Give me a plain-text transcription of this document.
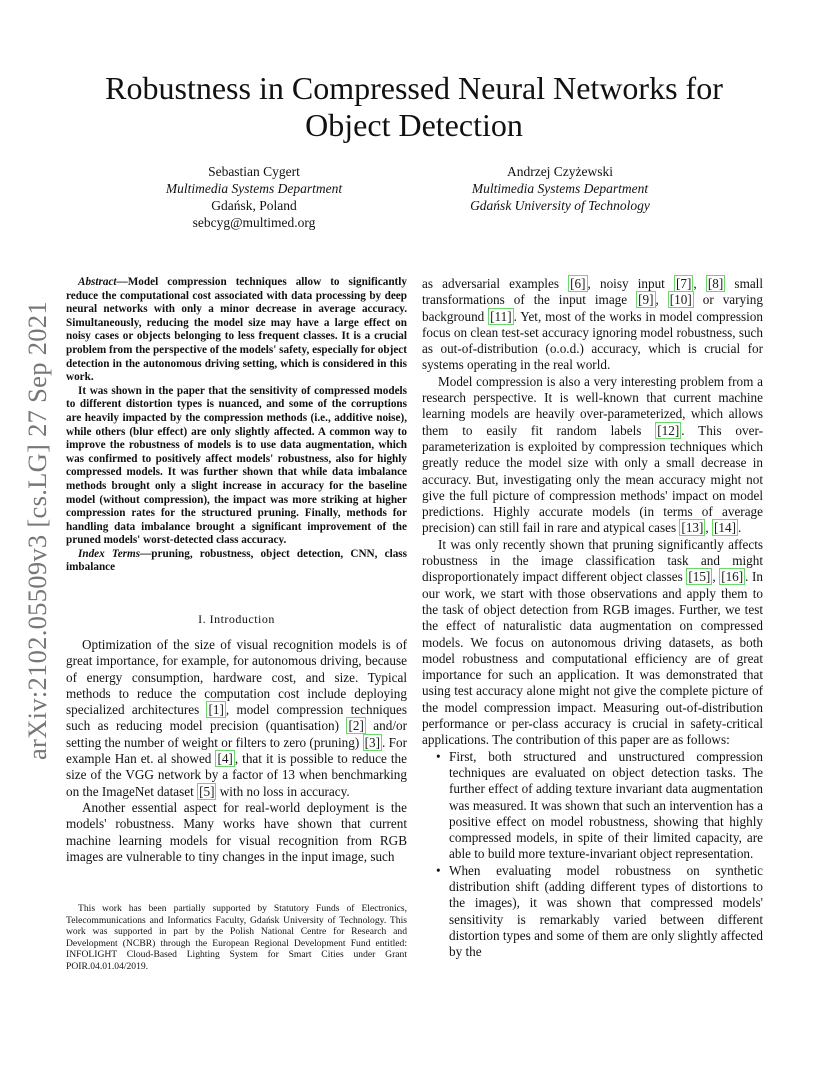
Robustness in Compressed Neural Networks for Object Detection
Sebastian Cygert
Multimedia Systems Department
Gdańsk, Poland
sebcyg@multimed.org
Andrzej Czyżewski
Multimedia Systems Department
Gdańsk University of Technology
arXiv:2102.05509v3 [cs.LG] 27 Sep 2021

Abstract—Model compression techniques allow to significantly reduce the computational cost associated with data processing by deep neural networks with only a minor decrease in average accuracy. Simultaneously, reducing the model size may have a large effect on noisy cases or objects belonging to less frequent classes. It is a crucial problem from the perspective of the models' safety, especially for object detection in the autonomous driving setting, which is considered in this work.

It was shown in the paper that the sensitivity of compressed models to different distortion types is nuanced, and some of the corruptions are heavily impacted by the compression methods (i.e., additive noise), while others (blur effect) are only slightly affected. A common way to improve the robustness of models is to use data augmentation, which was confirmed to positively affect models' robustness, also for highly compressed models. It was further shown that while data imbalance methods brought only a slight increase in accuracy for the baseline model (without compression), the impact was more striking at higher compression rates for the structured pruning. Finally, methods for handling data imbalance brought a significant improvement of the pruned models' worst-detected class accuracy.

Index Terms—pruning, robustness, object detection, CNN, class imbalance

I. Introduction

Optimization of the size of visual recognition models is of great importance, for example, for autonomous driving, because of energy consumption, hardware cost, and size. Typical methods to reduce the computation cost include deploying specialized architectures [1] , model compression techniques such as reducing model precision (quantisation) [2] and/or setting the number of weight or filters to zero (pruning) [3] . For example Han et. al showed [4] , that it is possible to reduce the size of the VGG network by a factor of 13 when benchmarking on the ImageNet dataset [5] with no loss in accuracy.

Another essential aspect for real-world deployment is the models' robustness. Many works have shown that current machine learning models for visual recognition from RGB images are vulnerable to tiny changes in the input image, such

This work has been partially supported by Statutory Funds of Electronics, Telecommunications and Informatics Faculty, Gdańsk University of Technology. This work was supported in part by the Polish National Centre for Research and Development (NCBR) through the European Regional Development Fund entitled: INFOLIGHT Cloud-Based Lighting System for Smart Cities under Grant POIR.04.01.04/2019.

as adversarial examples [6] , noisy input [7] , [8] small transformations of the input image [9] , [10] or varying background [11] . Yet, most of the works in model compression focus on clean test-set accuracy ignoring model robustness, such as out-of-distribution (o.o.d.) accuracy, which is crucial for systems operating in the real world.

Model compression is also a very interesting problem from a research perspective. It is well-known that current machine learning models are heavily over-parameterized, which allows them to easily fit random labels [12] . This over-parameterization is exploited by compression techniques which greatly reduce the model size with only a small decrease in accuracy. But, investigating only the mean accuracy might not give the full picture of compression methods' impact on model predictions. Highly accurate models (in terms of average precision) can still fail in rare and atypical cases [13] , [14] .

It was only recently shown that pruning significantly affects robustness in the image classification task and might disproportionately impact different object classes [15] , [16] . In our work, we start with those observations and apply them to the task of object detection from RGB images. Further, we test the effect of naturalistic data augmentation on compressed models. We focus on autonomous driving datasets, as both model robustness and computational efficiency are of great importance for such an application. It was demonstrated that using test accuracy alone might not give the complete picture of the model compression impact. Measuring out-of-distribution performance or per-class accuracy is crucial in safety-critical applications. The contribution of this paper are as follows:

• First, both structured and unstructured compression techniques are evaluated on object detection tasks. The further effect of adding texture invariant data augmentation was measured. It was shown that such an intervention has a positive effect on model robustness, showing that highly compressed models, in spite of their limited capacity, are able to build more texture-invariant object representation.
• When evaluating model robustness on synthetic distribution shift (adding different types of distortions to the images), it was shown that compressed models' sensitivity is remarkably varied between different distortion types and some of them are only slightly affected by the
